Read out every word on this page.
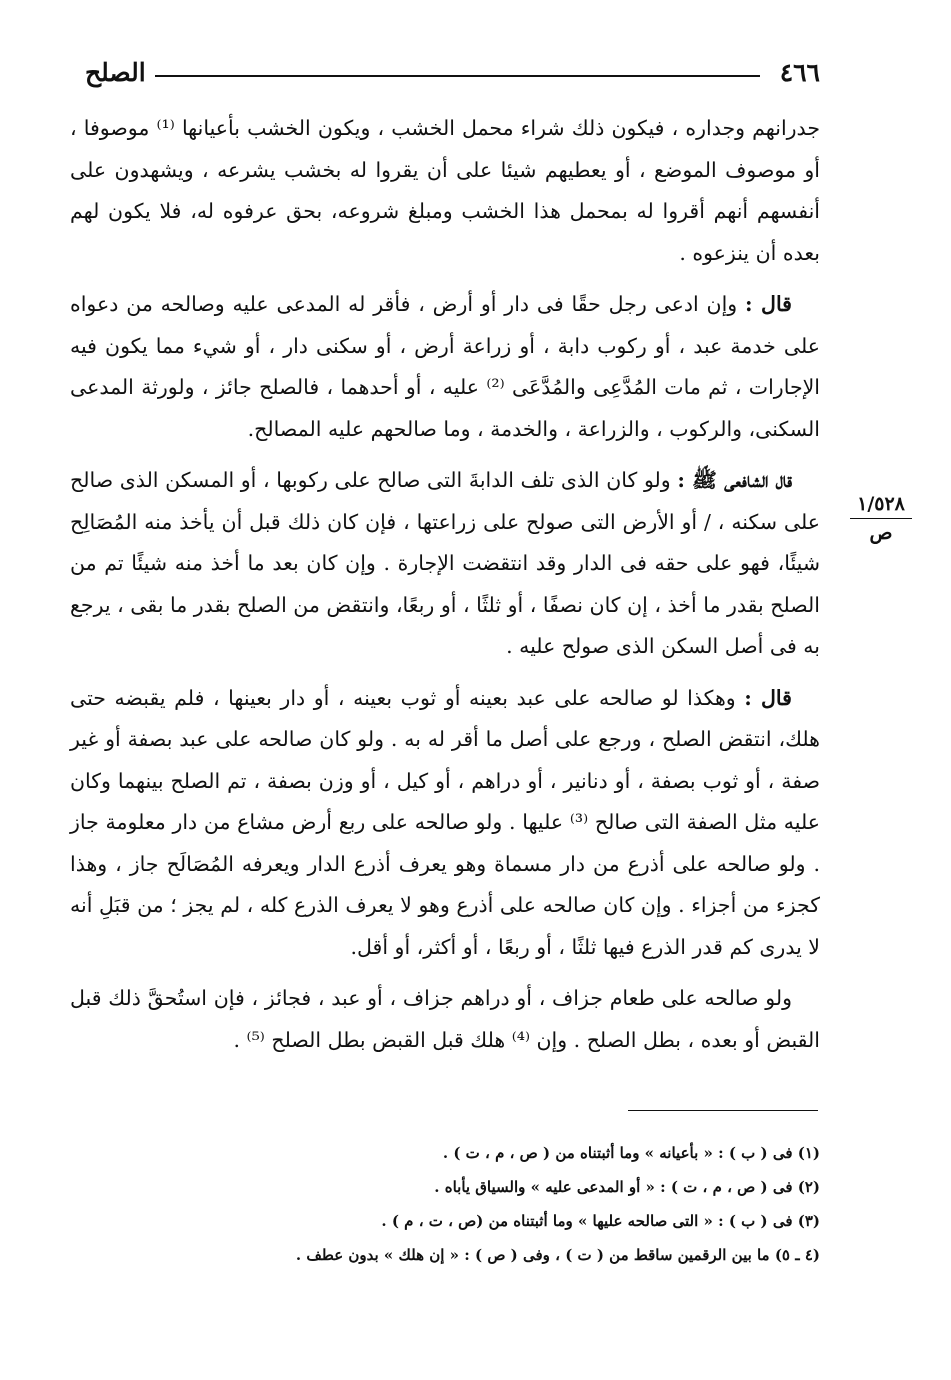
٤٦٦
الصلح
١/٥٢٨
ص

جدرانهم وجداره ، فيكون ذلك شراء محمل الخشب ، ويكون الخشب بأعيانها ⁽¹⁾ موصوفا ، أو موصوف الموضع ، أو يعطيهم شيئا على أن يقروا له بخشب يشرعه ، ويشهدون على أنفسهم أنهم أقروا له بمحمل هذا الخشب ومبلغ شروعه، بحق عرفوه له، فلا يكون لهم بعده أن ينزعوه .

قال : وإن ادعى رجل حقًا فى دار أو أرض ، فأقر له المدعى عليه وصالحه من دعواه على خدمة عبد ، أو ركوب دابة ، أو زراعة أرض ، أو سكنى دار ، أو شيء مما يكون فيه الإجارات ، ثم مات المُدَّعِى والمُدَّعَى ⁽²⁾ عليه ، أو أحدهما ، فالصلح جائز ، ولورثة المدعى السكنى، والركوب ، والزراعة ، والخدمة ، وما صالحهم عليه المصالح.

قال الشافعى ﷺ : ولو كان الذى تلف الدابةَ التى صالح على ركوبها ، أو المسكن الذى صالح على سكنه ، / أو الأرض التى صولح على زراعتها ، فإن كان ذلك قبل أن يأخذ منه المُصَالِح شيئًا، فهو على حقه فى الدار وقد انتقضت الإجارة . وإن كان بعد ما أخذ منه شيئًا تم من الصلح بقدر ما أخذ ، إن كان نصفًا ، أو ثلثًا ، أو ربعًا، وانتقض من الصلح بقدر ما بقى ، يرجع به فى أصل السكن الذى صولح عليه .

قال : وهكذا لو صالحه على عبد بعينه أو ثوب بعينه ، أو دار بعينها ، فلم يقبضه حتى هلك، انتقض الصلح ، ورجع على أصل ما أقر له به . ولو كان صالحه على عبد بصفة أو غير صفة ، أو ثوب بصفة ، أو دنانير ، أو دراهم ، أو كيل ، أو وزن بصفة ، تم الصلح بينهما وكان عليه مثل الصفة التى صالح ⁽³⁾ عليها . ولو صالحه على ربع أرض مشاع من دار معلومة جاز . ولو صالحه على أذرع من دار مسماة وهو يعرف أذرع الدار ويعرفه المُصَالَح جاز ، وهذا كجزء من أجزاء . وإن كان صالحه على أذرع وهو لا يعرف الذرع كله ، لم يجز ؛ من قبَلِ أنه لا يدرى كم قدر الذرع فيها ثلثًا ، أو ربعًا ، أو أكثر، أو أقل.

ولو صالحه على طعام جزاف ، أو دراهم جزاف ، أو عبد ، فجائز ، فإن استُحقَّ ذلك قبل القبض أو بعده ، بطل الصلح . وإن ⁽⁴⁾ هلك قبل القبض بطل الصلح ⁽⁵⁾ .

(١) فى ( ب ) : « بأعيانه » وما أثبتناه من ( ص ، م ، ت ) .
(٢) فى ( ص ، م ، ت ) : « أو المدعى عليه » والسياق يأباه .
(٣) فى ( ب ) : « التى صالحه عليها » وما أثبتناه من (ص ، ت ، م ) .
(٤ ـ ٥) ما بين الرقمين ساقط من ( ت ) ، وفى ( ص ) : « إن هلك » بدون عطف .
